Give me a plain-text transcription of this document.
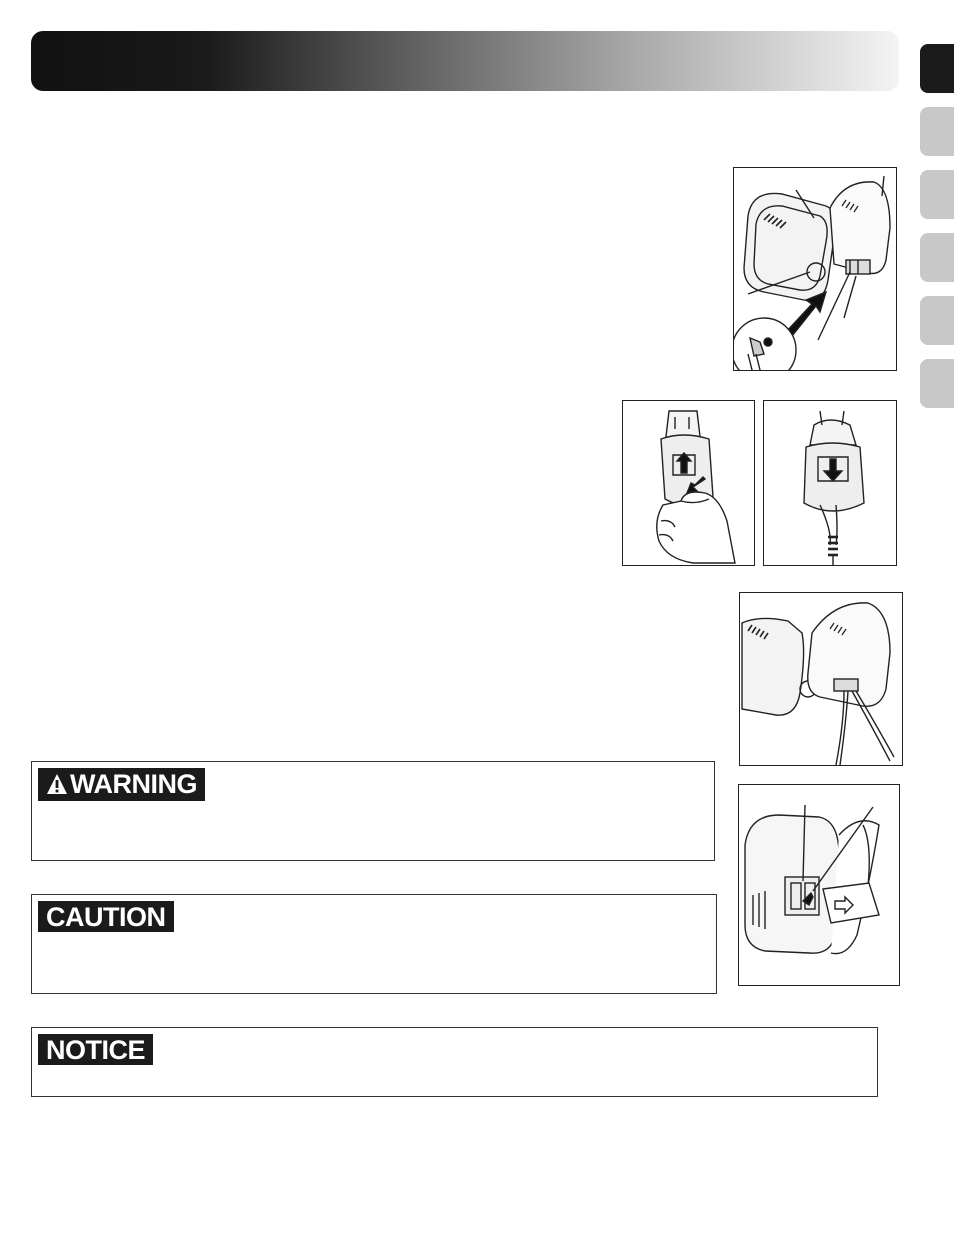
WARNING
CAUTION
NOTICE
